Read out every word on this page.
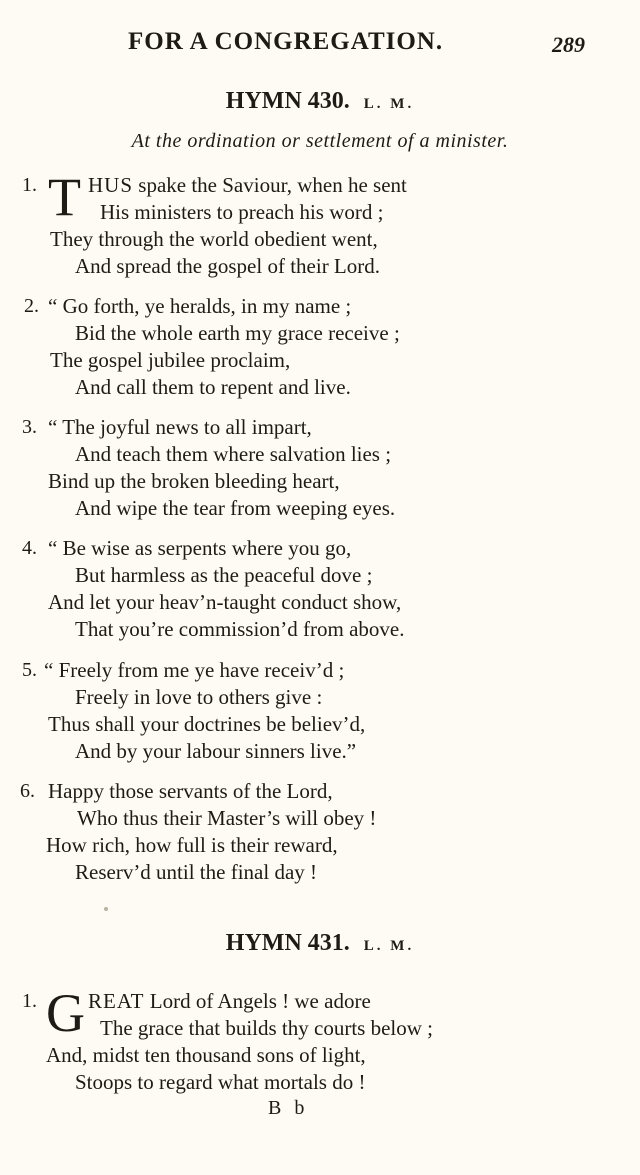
FOR A CONGREGATION.	289
HYMN 430. L. M.
At the ordination or settlement of a minister.
1. T HUS spake the Saviour, when he sent
His ministers to preach his word ;
They through the world obedient went,
And spread the gospel of their Lord.
2. “ Go forth, ye heralds, in my name ;
Bid the whole earth my grace receive ;
The gospel jubilee proclaim,
And call them to repent and live.
3. “ The joyful news to all impart,
And teach them where salvation lies ;
Bind up the broken bleeding heart,
And wipe the tear from weeping eyes.
4. “ Be wise as serpents where you go,
But harmless as the peaceful dove ;
And let your heav’n-taught conduct show,
That you’re commission’d from above.
5. “ Freely from me ye have receiv’d ;
Freely in love to others give :
Thus shall your doctrines be believ’d,
And by your labour sinners live.”
6. Happy those servants of the Lord,
Who thus their Master’s will obey !
How rich, how full is their reward,
Reserv’d until the final day !
HYMN 431. L. M.
1. G REAT Lord of Angels ! we adore
The grace that builds thy courts below ;
And, midst ten thousand sons of light,
Stoops to regard what mortals do !
B b
